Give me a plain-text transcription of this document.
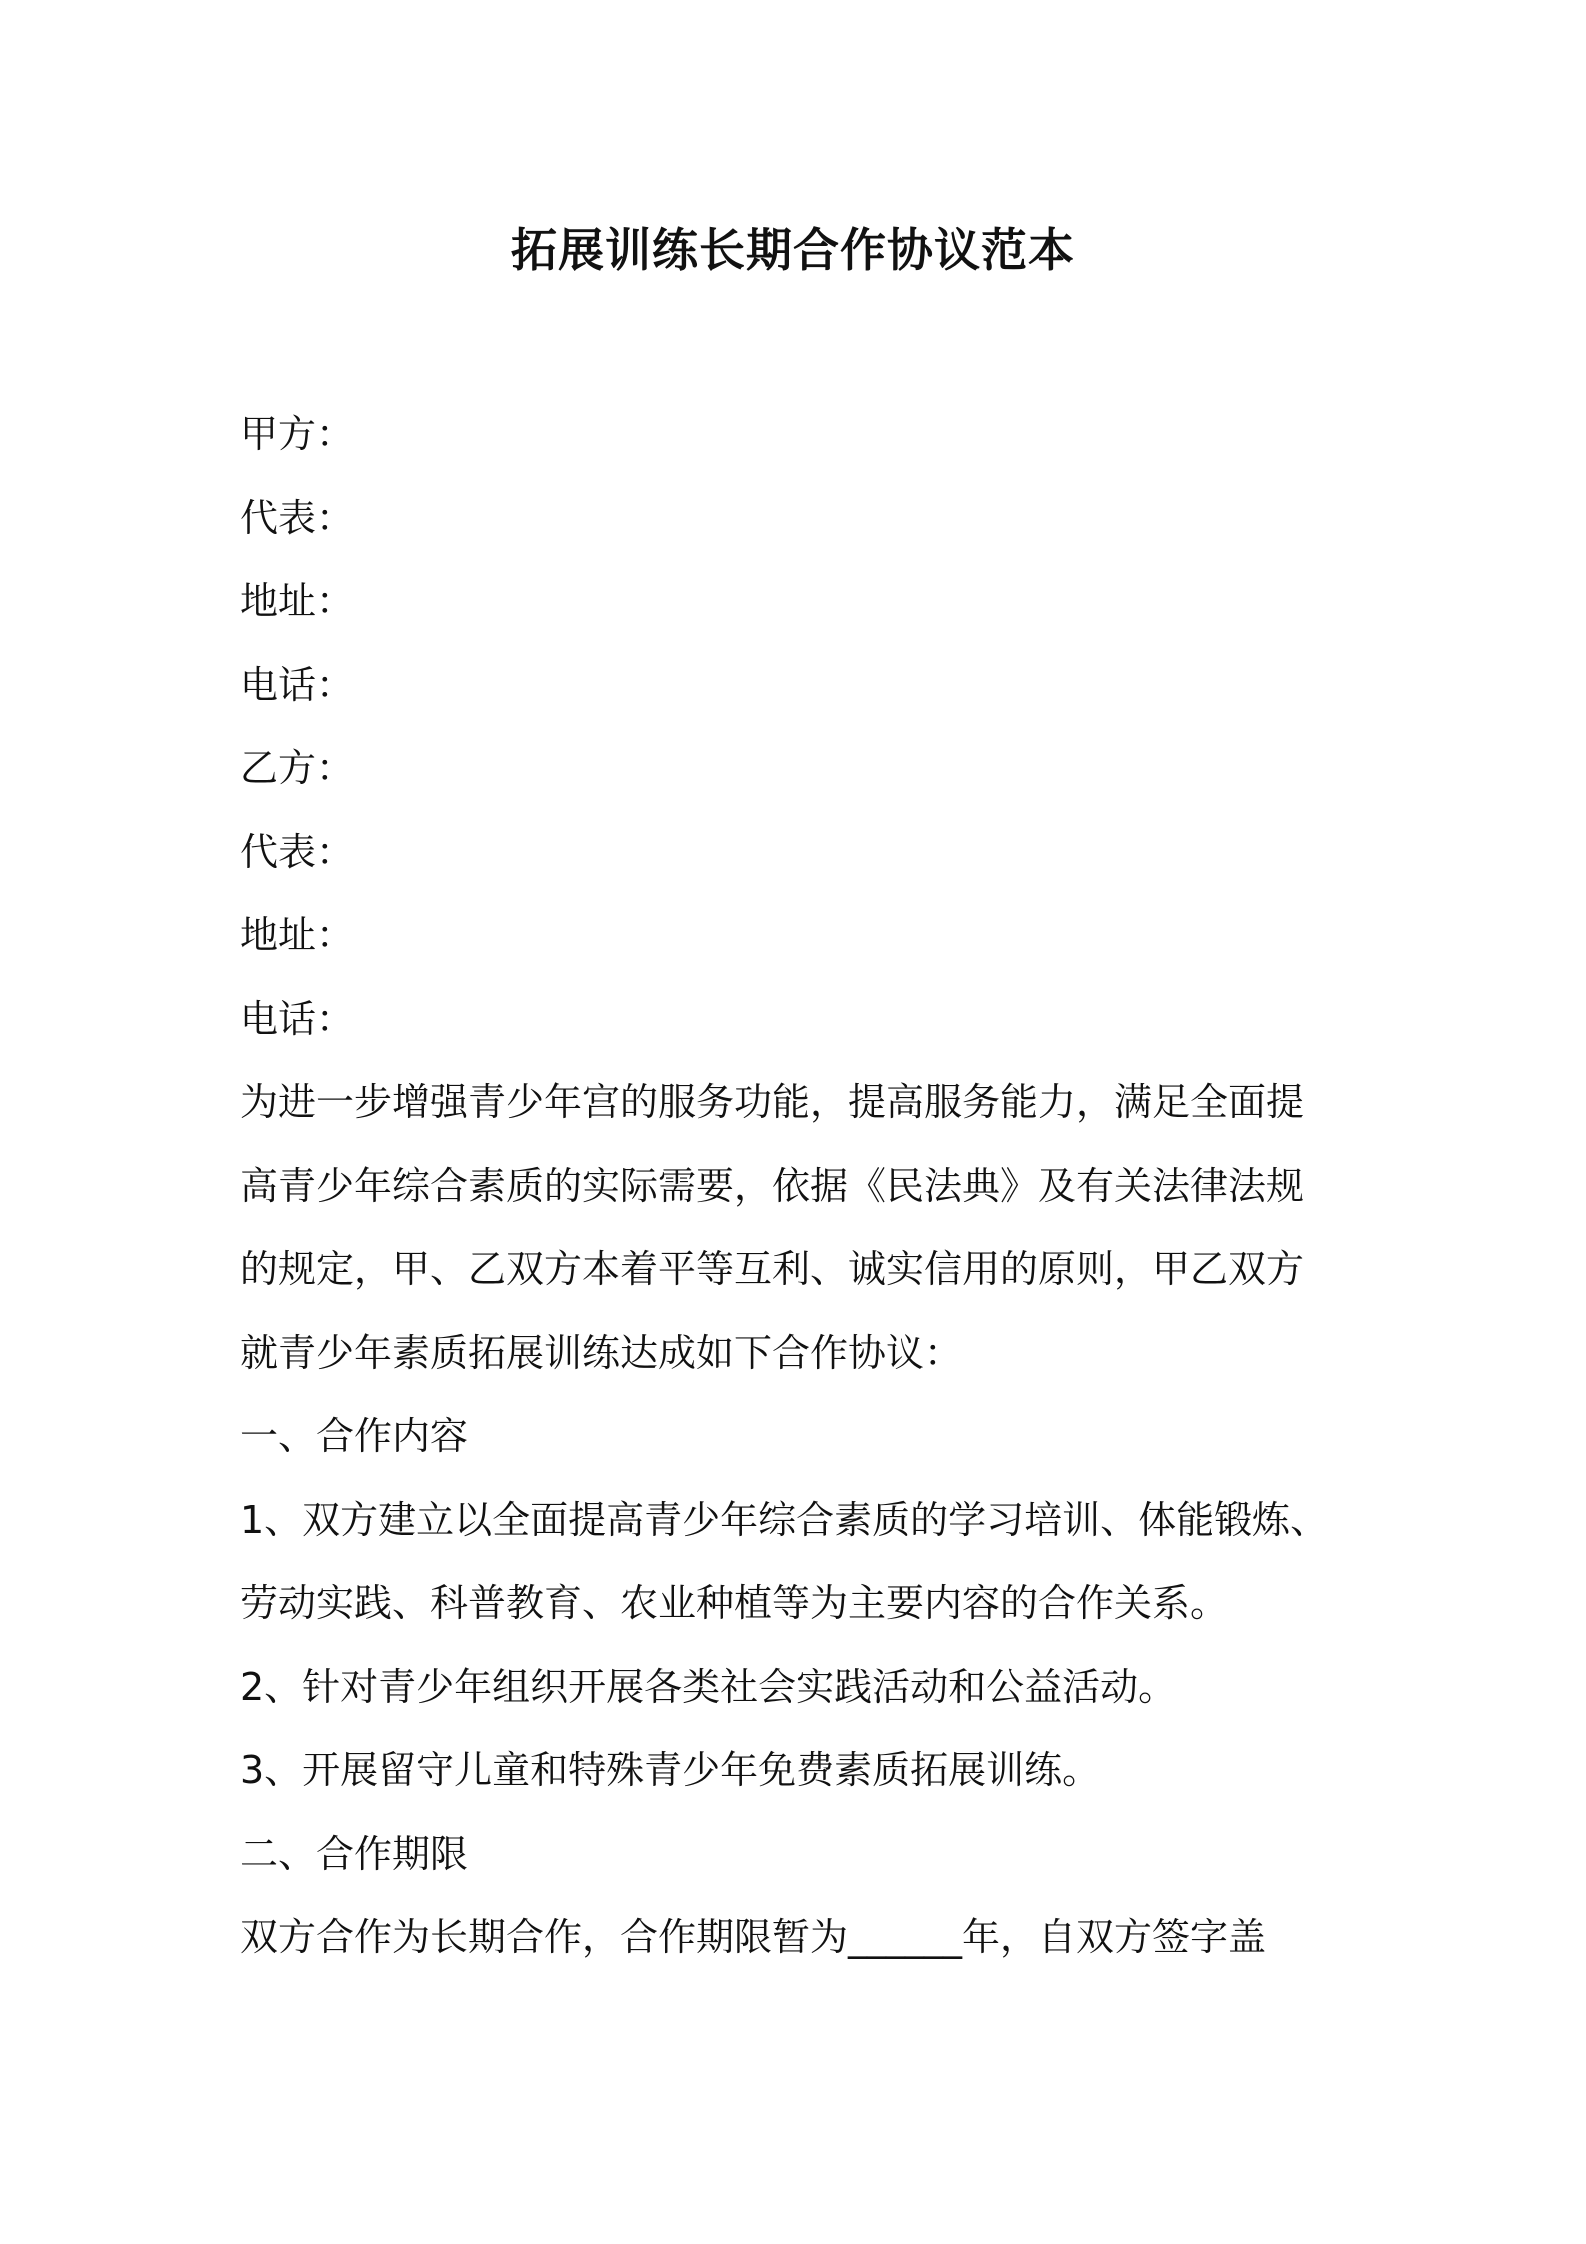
拓展训练长期合作协议范本
甲方：
代表：
地址：
电话：
乙方：
代表：
地址：
电话：
为进一步增强青少年宫的服务功能，提高服务能力，满足全面提
高青少年综合素质的实际需要，依据《民法典》及有关法律法规
的规定，甲、乙双方本着平等互利、诚实信用的原则，甲乙双方
就青少年素质拓展训练达成如下合作协议：
一、合作内容
1、双方建立以全面提高青少年综合素质的学习培训、体能锻炼、
劳动实践、科普教育、农业种植等为主要内容的合作关系。
2、针对青少年组织开展各类社会实践活动和公益活动。
3、开展留守儿童和特殊青少年免费素质拓展训练。
二、合作期限
双方合作为长期合作，合作期限暂为______年，自双方签字盖
